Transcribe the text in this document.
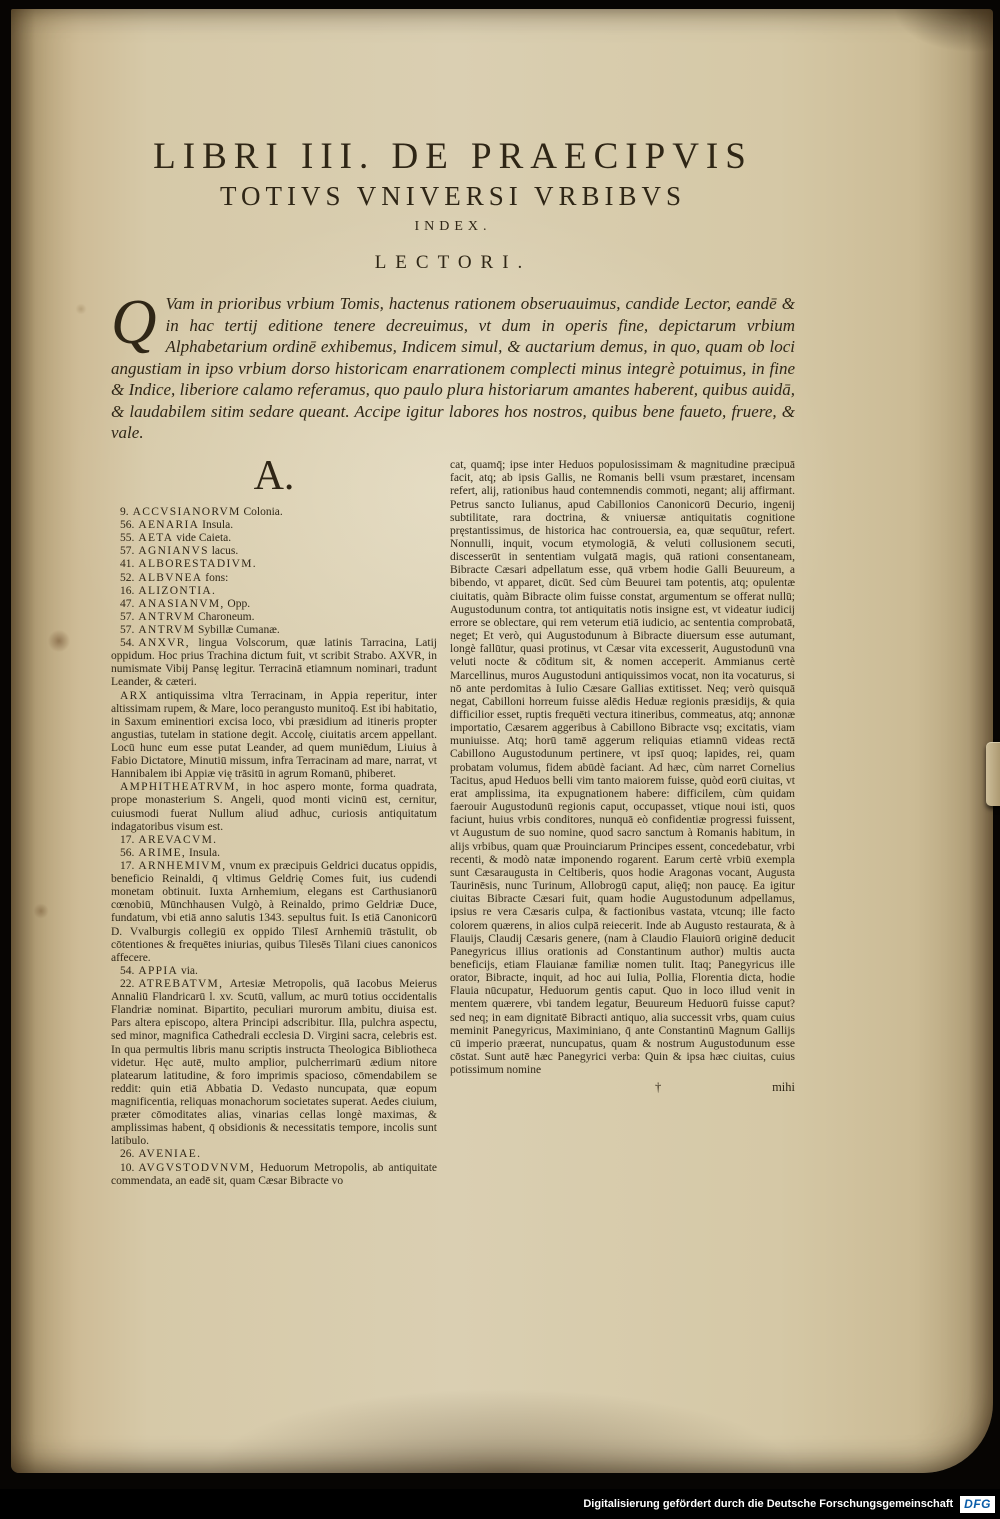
LIBRI III. DE PRAECIPVIS
TOTIVS VNIVERSI VRBIBVS
INDEX.
LECTORI.
Q Vam in prioribus vrbium Tomis, hactenus rationem obseruauimus, candide Lector, eandē & in hac tertij editione tenere decreuimus, vt dum in operis fine, depictarum vrbium Alphabetarium ordinē exhibemus, Indicem simul, & auctarium demus, in quo, quam ob loci angustiam in ipso vrbium dorso historicam enarrationem complecti minus integrè potuimus, in fine & Indice, liberiore calamo referamus, quo paulo plura historiarum amantes haberent, quibus auidā, & laudabilem sitim sedare queant. Accipe igitur labores hos nostros, quibus bene faueto, fruere, & vale.
A.

9. ACCVSIANORVM Colonia.

56. AENARIA Insula.

55. AETA vide Caieta.

57. AGNIANVS lacus.

41. ALBORESTADIVM.

52. ALBVNEA fons:

16. ALIZONTIA.

47. ANASIANVM, Opp.

57. ANTRVM Charoneum.

57. ANTRVM Sybillæ Cumanæ.

54. ANXVR, lingua Volscorum, quæ latinis Tarracina, Latij oppidum. Hoc prius Trachina dictum fuit, vt scribit Strabo. AXVR, in numismate Vibij Pansę legitur. Terracinā etiamnum nominari, tradunt Leander, & cæteri.

ARX antiquissima vltra Terracinam, in Appia reperitur, inter altissimam rupem, & Mare, loco perangusto munitoq̄. Est ibi habitatio, in Saxum eminentiori excisa loco, vbi præsidium ad itineris propter angustias, tutelam in statione degit. Accolę, ciuitatis arcem appellant. Locū hunc eum esse putat Leander, ad quem muniēdum, Liuius à Fabio Dictatore, Minutiū missum, infra Terracinam ad mare, narrat, vt Hannibalem ibi Appiæ vię trāsitū in agrum Romanū, phiberet.

AMPHITHEATRVM, in hoc aspero monte, forma quadrata, prope monasterium S. Angeli, quod monti vicinū est, cernitur, cuiusmodi fuerat Nullum aliud adhuc, curiosis antiquitatum indagatoribus visum est.

17. AREVACVM.

56. ARIME, Insula.

17. ARNHEMIVM, vnum ex præcipuis Geldrici ducatus oppidis, beneficio Reinaldi, q̄ vltimus Geldrię Comes fuit, ius cudendi monetam obtinuit. Iuxta Arnhemium, elegans est Carthusianorū cœnobiū, Mūnchhausen Vulgò, à Reinaldo, primo Geldriæ Duce, fundatum, vbi etiā anno salutis 1343. sepultus fuit. Is etiā Canonicorū D. Vvalburgis collegiū ex oppido Tilesī Arnhemiū trāstulit, ob cōtentiones & frequētes iniurias, quibus Tilesēs Tilani ciues canonicos affecere.

54. APPIA via.

22. ATREBATVM, Artesiæ Metropolis, quā Iacobus Meierus Annaliū Flandricarū l. xv. Scutū, vallum, ac murū totius occidentalis Flandriæ nominat. Bipartito, peculiari murorum ambitu, diuisa est. Pars altera episcopo, altera Principi adscribitur. Illa, pulchra aspectu, sed minor, magnifica Cathedrali ecclesia D. Virgini sacra, celebris est. In qua permultis libris manu scriptis instructa Theologica Bibliotheca videtur. Hęc autē, multo amplior, pulcherrimarū ædium nitore platearum latitudine, & foro imprimis spacioso, cōmendabilem se reddit: quin etiā Abbatia D. Vedasto nuncupata, quæ eopum magnificentia, reliquas monachorum societates superat. Aedes ciuium, præter cōmoditates alias, vinarias cellas longè maximas, & amplissimas habent, q̄ obsidionis & necessitatis tempore, incolis sunt latibulo.

26. AVENIAE.

10. AVGVSTODVNVM, Heduorum Metropolis, ab antiquitate commendata, an eadē sit, quam Cæsar Bibracte vo

cat, quamq̄; ipse inter Heduos populosissimam & magnitudine præcipuā facit, atq; ab ipsis Gallis, ne Romanis belli vsum præstaret, incensam refert, alij, rationibus haud contemnendis commoti, negant; alij affirmant. Petrus sancto Iulianus, apud Cabillonios Canonicorū Decurio, ingenij subtilitate, rara doctrina, & vniuersæ antiquitatis cognitione pręstantissimus, de historica hac controuersia, ea, quæ sequūtur, refert. Nonnulli, inquit, vocum etymologiā, & veluti collusionem secuti, discesserūt in sententiam vulgatā magis, quā rationi consentaneam, Bibracte Cæsari adpellatum esse, quā vrbem hodie Galli Beuureum, a bibendo, vt apparet, dicūt. Sed cùm Beuurei tam potentis, atq; opulentæ ciuitatis, quàm Bibracte olim fuisse constat, argumentum se offerat nullū; Augustodunum contra, tot antiquitatis notis insigne est, vt videatur iudicij errore se oblectare, qui rem veterum etiā iudicio, ac sententia comprobatā, neget; Et verò, qui Augustodunum à Bibracte diuersum esse autumant, longè fallūtur, quasi protinus, vt Cæsar vita excesserit, Augustodunū vna veluti nocte & cōditum sit, & nomen acceperit. Ammianus certè Marcellinus, muros Augustoduni antiquissimos vocat, non ita vocaturus, si nō ante perdomitas à Iulio Cæsare Gallias extitisset. Neq; verò quisquā negat, Cabilloni horreum fuisse alēdis Heduæ regionis præsidijs, & quia difficilior esset, ruptis frequēti vectura itineribus, commeatus, atq; annonæ importatio, Cæsarem aggeribus à Cabillono Bibracte vsq; excitatis, viam muniuisse. Atq; horū tamē aggerum reliquias etiamnū videas rectā Cabillono Augustodunum pertinere, vt ipsī quoq; lapides, rei, quam probatam volumus, fidem abūdè faciant. Ad hæc, cùm narret Cornelius Tacitus, apud Heduos belli vim tanto maiorem fuisse, quòd eorū ciuitas, vt erat amplissima, ita expugnationem habere: difficilem, cùm quidam faerouir Augustodunū regionis caput, occupasset, vtique noui isti, quos faciunt, huius vrbis conditores, nunquā eò confidentiæ progressi fuissent, vt Augustum de suo nomine, quod sacro sanctum à Romanis habitum, in alijs vrbibus, quam quæ Prouinciarum Principes essent, concedebatur, vrbi recenti, & modò natæ imponendo rogarent. Earum certè vrbiū exempla sunt Cæsaraugusta in Celtiberis, quos hodie Aragonas vocant, Augusta Taurinēsis, nunc Turinum, Allobrogū caput, alięq̄; non paucę. Ea igitur ciuitas Bibracte Cæsari fuit, quam hodie Augustodunum adpellamus, ipsius re vera Cæsaris culpa, & factionibus vastata, vtcunq; ille facto colorem quærens, in alios culpā reiecerit. Inde ab Augusto restaurata, & à Flauijs, Claudij Cæsaris genere, (nam à Claudio Flauiorū originē deducit Panegyricus illius orationis ad Constantinum author) multis aucta beneficijs, etiam Flauianæ familiæ nomen tulit. Itaq; Panegyricus ille orator, Bibracte, inquit, ad hoc aui Iulia, Pollia, Florentia dicta, hodie Flauia nūcupatur, Heduorum gentis caput. Quo in loco illud venit in mentem quærere, vbi tandem legatur, Beuureum Heduorū fuisse caput? sed neq; in eam dignitatē Bibracti antiquo, alia successit vrbs, quam cuius meminit Panegyricus, Maximiniano, q̄ ante Constantinū Magnum Gallijs cū imperio præerat, nuncupatus, quam & nostrum Augustodunum esse cōstat. Sunt autē hæc Panegyrici verba: Quin & ipsa hæc ciuitas, cuius potissimum nomine

†	mihi
Digitalisierung gefördert durch die Deutsche Forschungsgemeinschaft DFG
